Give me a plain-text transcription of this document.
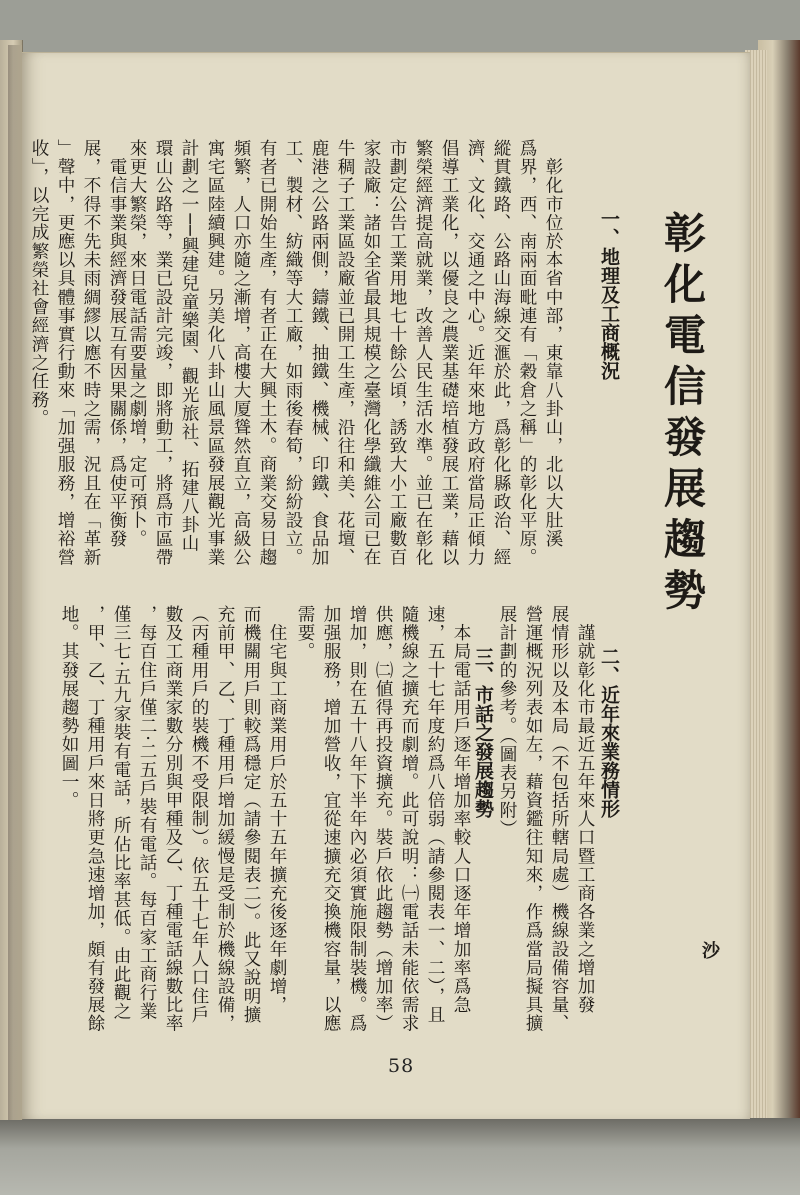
彰化電信發展趨勢
沙
一、地理及工商概況
　彰化市位於本省中部，東靠八卦山，北以大肚溪
爲界，西、南兩面毗連有「穀倉之稱」的彰化平原。
縱貫鐵路、公路山海線交滙於此，爲彰化縣政治、經
濟、文化、交通之中心。近年來地方政府當局正傾力
倡導工業化，以優良之農業基礎培植發展工業，藉以
繁榮經濟提高就業，改善人民生活水準。並已在彰化
市劃定公告工業用地七十餘公頃，誘致大小工廠數百
家設廠：諸如全省最具規模之臺灣化學纖維公司已在
牛稠子工業區設廠並已開工生產，沿往和美、花壇、
鹿港之公路兩側，鑄鐵、抽鐵、機械、印鐵、食品加
工、製材、紡織等大工廠，如雨後春筍，紛紛設立。
有者已開始生產，有者正在大興土木。商業交易日趨
頻繁，人口亦隨之漸增，高樓大厦聳然直立，高級公
寓宅區陸續興建。另美化八卦山風景區發展觀光事業
計劃之一──興建兒童樂園、觀光旅社、拓建八卦山
環山公路等，業已設計完竣，即將動工，將爲市區帶
來更大繁榮，來日電話需要量之劇增，定可預卜。
　電信事業與經濟發展互有因果關係，爲使平衡發
展，不得不先未雨綢繆以應不時之需，況且在「革新
」聲中，更應以具體事實行動來「加强服務，增裕營
收」，以完成繁榮社會經濟之任務。
二、近年來業務情形
　謹就彰化市最近五年來人口暨工商各業之增加發
展情形以及本局（不包括所轄局處）機線設備容量、
營運概況列表如左，藉資鑑往知來，作爲當局擬具擴
展計劃的參考。（圖表另附）
三、市話之發展趨勢
　本局電話用戶逐年增加率較人口逐年增加率爲急
速，五十七年度約爲八倍弱（請參閱表一、二），且
隨機線之擴充而劇增。此可說明：㈠電話未能依需求
供應，㈡値得再投資擴充。裝戶依此趨勢（增加率）
增加，則在五十八年下半年內必須實施限制裝機。爲
加强服務，增加營收，宜從速擴充交換機容量，以應
需要。
　住宅與工商業用戶於五十五年擴充後逐年劇增，
而機關用戶則較爲穩定（請參閱表二）。此又說明擴
充前甲、乙、丁種用戶增加緩慢是受制於機線設備，
（丙種用戶的裝機不受限制）。依五十七年人口住戶
數及工商業家數分別與甲種及乙、丁種電話線數比率
，每百住戶僅二·二五戶裝有電話。每百家工商行業
僅三七·五九家裝有電話，所佔比率甚低。由此觀之
，甲、乙、丁種用戶來日將更急速增加，頗有發展餘
地。其發展趨勢如圖一。
58
